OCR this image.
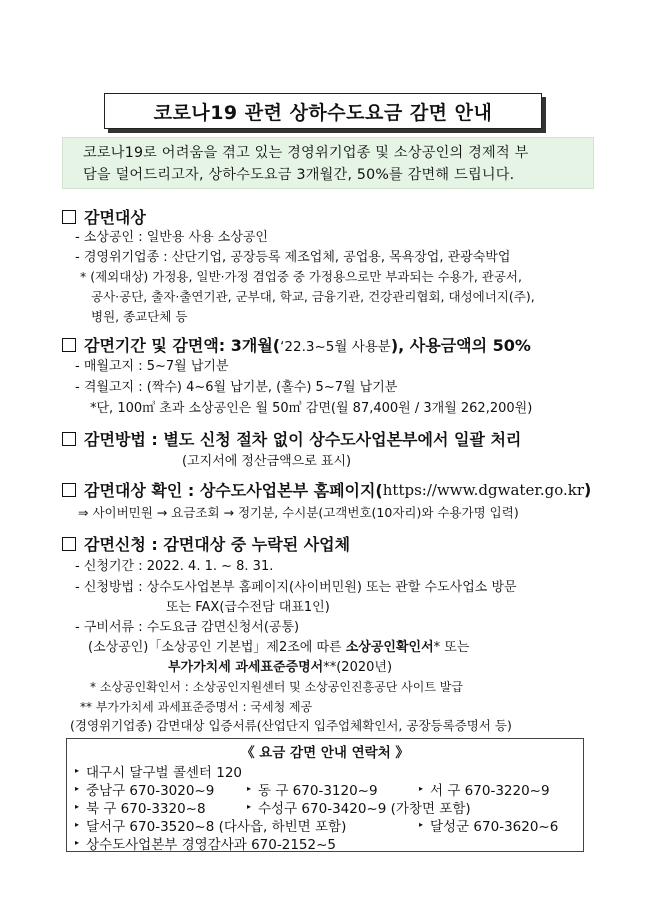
코로나19 관련 상하수도요금 감면 안내
코로나19로 어려움을 겪고 있는 경영위기업종 및 소상공인의 경제적 부
담을 덜어드리고자, 상하수도요금 3개월간, 50%를 감면해 드립니다.
감면대상
- 소상공인 : 일반용 사용 소상공인
- 경영위기업종 : 산단기업, 공장등록 제조업체, 공업용, 목욕장업, 관광숙박업
* (제외대상) 가정용, 일반·가정 겸업중 중 가정용으로만 부과되는 수용가, 관공서,
공사·공단, 출자·출연기관, 군부대, 학교, 금융기관, 건강관리협회, 대성에너지(주),
병원, 종교단체 등
감면기간 및 감면액 : 3개월( ‘22.3~5월 사용분 ), 사용금액의 50%
- 매월고지 : 5~7월 납기분
- 격월고지 : (짝수) 4~6월 납기분, (홀수) 5~7월 납기분
*단, 100㎥ 초과 소상공인은 월 50㎥ 감면(월 87,400원 / 3개월 262,200원)
감면방법 : 별도 신청 절차 없이 상수도사업본부에서 일괄 처리
(고지서에 정산금액으로 표시)
감면대상 확인 : 상수도사업본부 홈페이지( https://www.dgwater.go.kr )
⇒ 사이버민원 → 요금조회 → 정기분, 수시분(고객번호(10자리)와 수용가명 입력)
감면신청 : 감면대상 중 누락된 사업체
- 신청기간 : 2022. 4. 1. ~ 8. 31.
- 신청방법 : 상수도사업본부 홈페이지(사이버민원) 또는 관할 수도사업소 방문
또는 FAX(급수전담 대표1인)
- 구비서류 : 수도요금 감면신청서(공통)
(소상공인)「소상공인 기본법」제2조에 따른 소상공인확인서* 또는
부가가치세 과세표준증명서**(2020년)
* 소상공인확인서 : 소상공인지원센터 및 소상공인진흥공단 사이트 발급
** 부가가치세 과세표준증명서 : 국세청 제공
(경영위기업종) 감면대상 입증서류(산업단지 입주업체확인서, 공장등록증명서 등)
《 요금 감면 안내 연락처 》
▸ 대구시 달구벌 콜센터 120
▸ 중남구 670-3020~9	▸ 동 구 670-3120~9	▸ 서 구 670-3220~9
▸ 북 구 670-3320~8	▸ 수성구 670-3420~9 (가창면 포함)
▸ 달서구 670-3520~8 (다사읍, 하빈면 포함)	▸ 달성군 670-3620~6
▸ 상수도사업본부 경영감사과 670-2152~5
